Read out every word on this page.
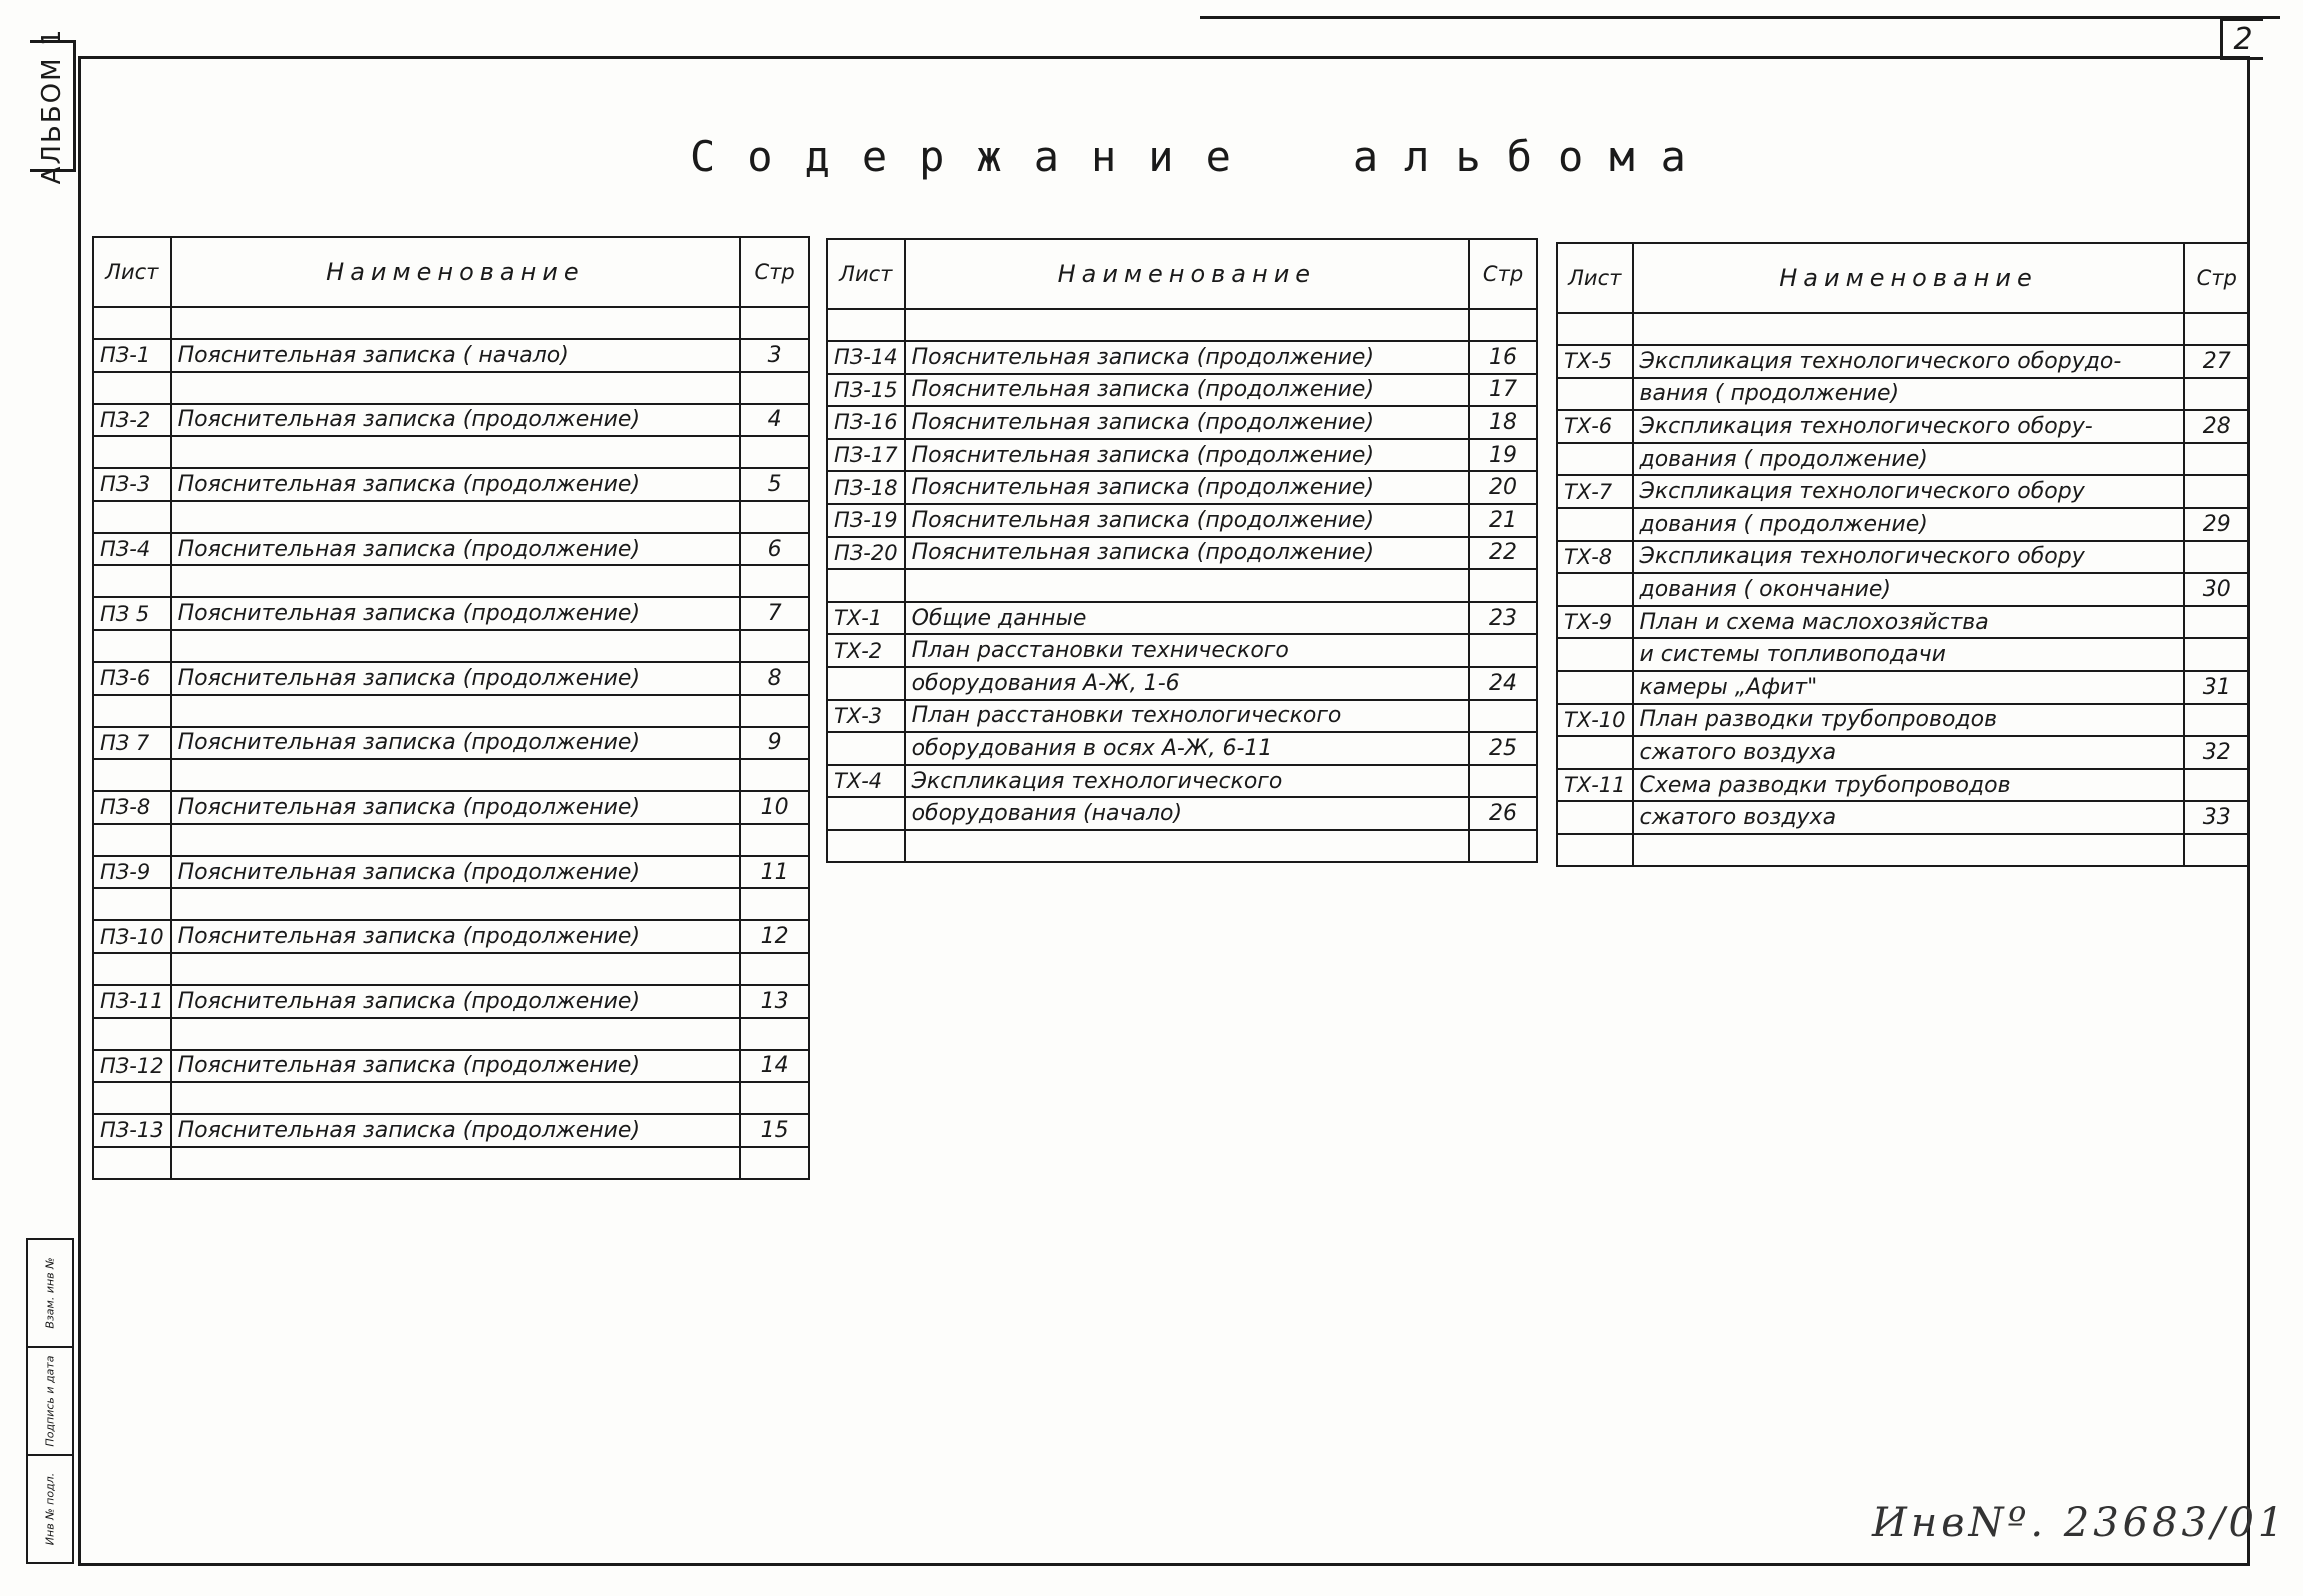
2
АЛЬБОМ 1
Взам. инв №
Подпись и дата
Инв № подл.
Содержание альбома
Лист	Наименование	Стр

ПЗ-1	Пояснительная записка ( начало)	3

ПЗ-2	Пояснительная записка (продолжение)	4

ПЗ-3	Пояснительная записка (продолжение)	5

ПЗ-4	Пояснительная записка (продолжение)	6

ПЗ 5	Пояснительная записка (продолжение)	7

ПЗ-6	Пояснительная записка (продолжение)	8

ПЗ 7	Пояснительная записка (продолжение)	9

ПЗ-8	Пояснительная записка (продолжение)	10

ПЗ-9	Пояснительная записка (продолжение)	11

ПЗ-10	Пояснительная записка (продолжение)	12

ПЗ-11	Пояснительная записка (продолжение)	13

ПЗ-12	Пояснительная записка (продолжение)	14

ПЗ-13	Пояснительная записка (продолжение)	15

Лист	Наименование	Стр

ПЗ-14	Пояснительная записка (продолжение)	16
ПЗ-15	Пояснительная записка (продолжение)	17
ПЗ-16	Пояснительная записка (продолжение)	18
ПЗ-17	Пояснительная записка (продолжение)	19
ПЗ-18	Пояснительная записка (продолжение)	20
ПЗ-19	Пояснительная записка (продолжение)	21
ПЗ-20	Пояснительная записка (продолжение)	22

ТХ-1	Общие данные	23
ТХ-2	План расстановки технического	
	оборудования А-Ж, 1-6	24
ТХ-3	План расстановки технологического	
	оборудования в осях А-Ж, 6-11	25
ТХ-4	Экспликация технологического	
	оборудования (начало)	26

Лист	Наименование	Стр

ТХ-5	Экспликация технологического оборудо-	27
	вания ( продолжение)	
ТХ-6	Экспликация технологического обору-	28
	дования ( продолжение)	
ТХ-7	Экспликация технологического обору	
	дования ( продолжение)	29
ТХ-8	Экспликация технологического обору	
	дования ( окончание)	30
ТХ-9	План и схема маслохозяйства	
	и системы топливоподачи	
	камеры „Афит"	31
ТХ-10	План разводки трубопроводов	
	сжатого воздуха	32
ТХ-11	Схема разводки трубопроводов	
	сжатого воздуха	33

ИнвNº. 23683/01
